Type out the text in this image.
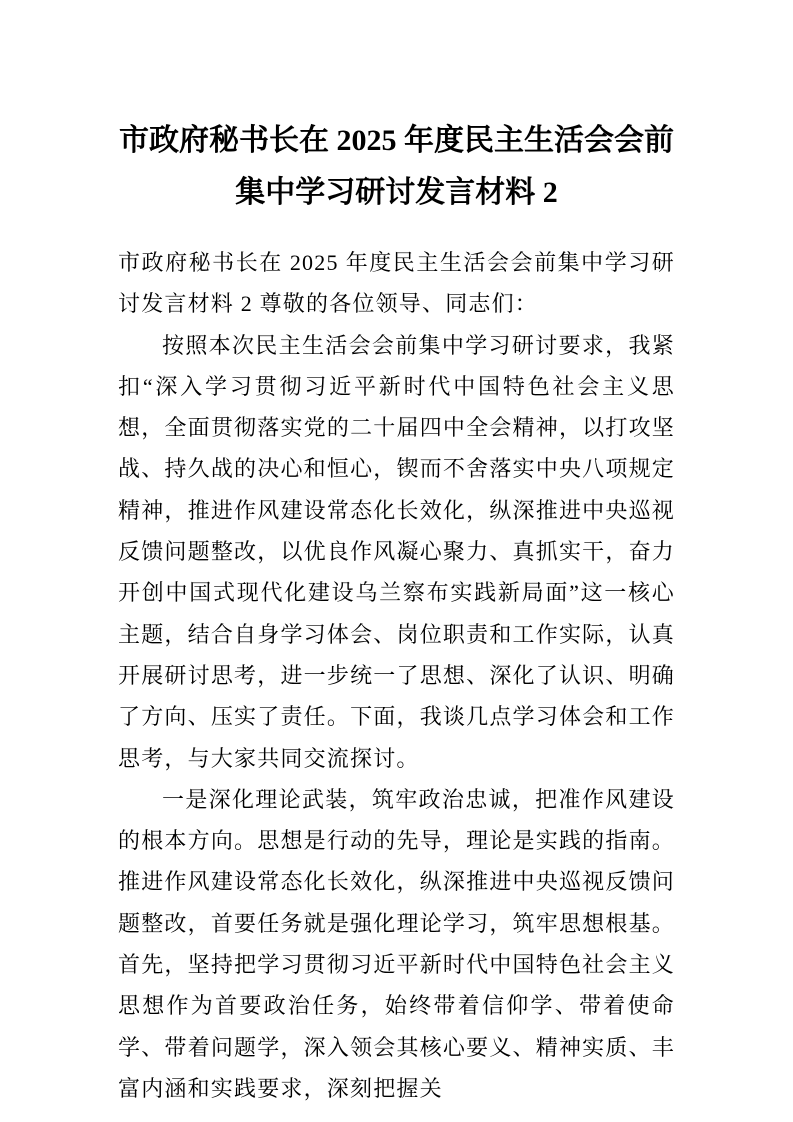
市政府秘书长在 2025 年度民主生活会会前
集中学习研讨发言材料 2

市政府秘书长在 2025 年度民主生活会会前集中学习研讨发言材料 2 尊敬的各位领导、同志们：

按照本次民主生活会会前集中学习研讨要求，我紧扣“深入学习贯彻习近平新时代中国特色社会主义思想，全面贯彻落实党的二十届四中全会精神，以打攻坚战、持久战的决心和恒心，锲而不舍落实中央八项规定精神，推进作风建设常态化长效化，纵深推进中央巡视反馈问题整改，以优良作风凝心聚力、真抓实干，奋力开创中国式现代化建设乌兰察布实践新局面”这一核心主题，结合自身学习体会、岗位职责和工作实际，认真开展研讨思考，进一步统一了思想、深化了认识、明确了方向、压实了责任。下面，我谈几点学习体会和工作思考，与大家共同交流探讨。

一是深化理论武装，筑牢政治忠诚，把准作风建设的根本方向。思想是行动的先导，理论是实践的指南。推进作风建设常态化长效化，纵深推进中央巡视反馈问题整改，首要任务就是强化理论学习，筑牢思想根基。首先，坚持把学习贯彻习近平新时代中国特色社会主义思想作为首要政治任务，始终带着信仰学、带着使命学、带着问题学，深入领会其核心要义、精神实质、丰富内涵和实践要求，深刻把握关
